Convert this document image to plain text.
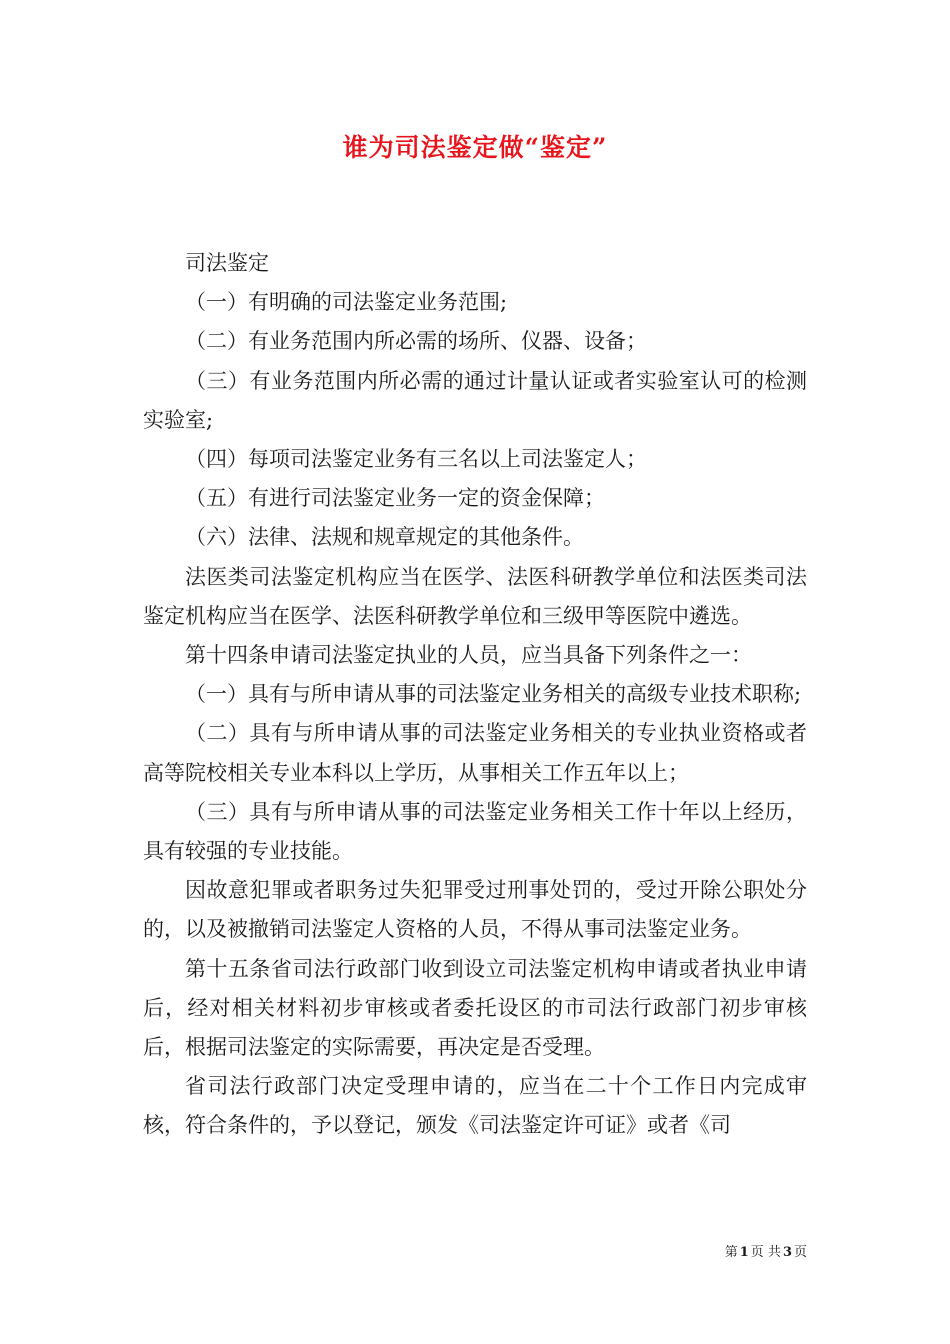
谁为司法鉴定做“鉴定”

司法鉴定

（一）有明确的司法鉴定业务范围;

（二）有业务范围内所必需的场所、仪器、设备；

（三）有业务范围内所必需的通过计量认证或者实验室认可的检测实验室;

（四）每项司法鉴定业务有三名以上司法鉴定人；

（五）有进行司法鉴定业务一定的资金保障；

（六）法律、法规和规章规定的其他条件。

法医类司法鉴定机构应当在医学、法医科研教学单位和法医类司法鉴定机构应当在医学、法医科研教学单位和三级甲等医院中遴选。

第十四条申请司法鉴定执业的人员，应当具备下列条件之一：

（一）具有与所申请从事的司法鉴定业务相关的高级专业技术职称;

（二）具有与所申请从事的司法鉴定业务相关的专业执业资格或者高等院校相关专业本科以上学历，从事相关工作五年以上；

（三）具有与所申请从事的司法鉴定业务相关工作十年以上经历，具有较强的专业技能。

因故意犯罪或者职务过失犯罪受过刑事处罚的，受过开除公职处分的，以及被撤销司法鉴定人资格的人员，不得从事司法鉴定业务。

第十五条省司法行政部门收到设立司法鉴定机构申请或者执业申请后，经对相关材料初步审核或者委托设区的市司法行政部门初步审核后，根据司法鉴定的实际需要，再决定是否受理。

省司法行政部门决定受理申请的，应当在二十个工作日内完成审核，符合条件的，予以登记，颁发《司法鉴定许可证》或者《司

第 1 页 共 3 页
